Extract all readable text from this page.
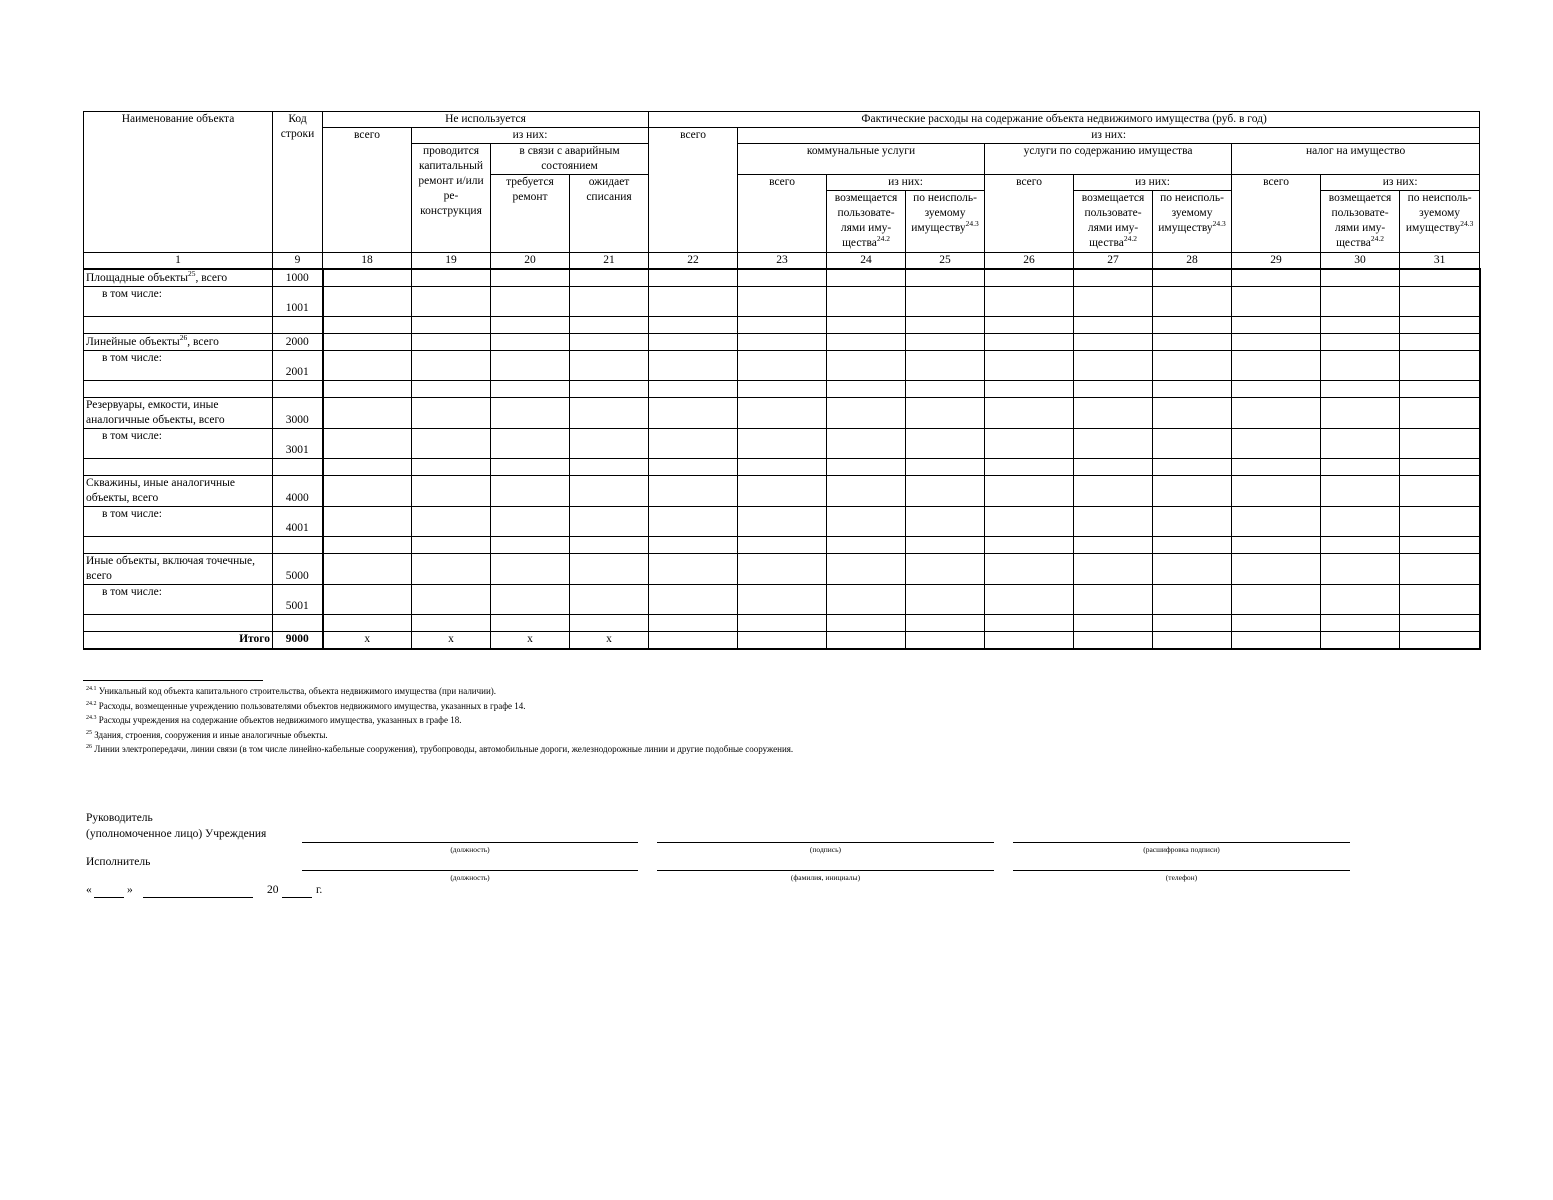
Наименование объекта	Код строки	Не используется				Фактические расходы на содержание объекта недвижимого имущества (руб. в год)									
		всего	из них:			всего	из них:								
			проводится капитальный ремонт и/или ре-конструкция	в связи с аварийным состоянием			коммунальные услуги			услуги по содержанию имущества			налог на имущество		

				требуется ремонт	ожидает списания		всего	из них:		всего	из них:		всего	из них:	
								возмещается пользовате-лями иму-щества$^{24.2}$	по неисполь-зуемому имуществу$^{24.3}$		возмещается пользовате-лями иму-щества$^{24.2}$	по неисполь-зуемому имуществу$^{24.3}$		возмещается пользовате-лями иму-щества$^{24.2}$	по неисполь-зуемому имуществу$^{24.3}$

1	9	18	19	20	21	22	23	24	25	26	27	28	29	30	31
Площадные объекты$^{25}$, всего	1000														
в том числе:	1001														

Линейные объекты$^{26}$, всего	2000														
в том числе:	2001														

Резервуары, емкости, иные аналогичные объекты, всего	3000														
в том числе:	3001														

Скважины, иные аналогичные объекты, всего	4000														
в том числе:	4001														

Иные объекты, включая точечные, всего	5000														
в том числе:	5001														

Итого	9000	x	x	x	x										
$^{24.1}$ Уникальный код объекта капитального строительства, объекта недвижимого имущества (при наличии).
$^{24.2}$ Расходы, возмещенные учреждению пользователями объектов недвижимого имущества, указанных в графе 14.
$^{24.3}$ Расходы учреждения на содержание объектов недвижимого имущества, указанных в графе 18.
$^{25}$ Здания, строения, сооружения и иные аналогичные объекты.
$^{26}$ Линии электропередачи, линии связи (в том числе линейно-кабельные сооружения), трубопроводы, автомобильные дороги, железнодорожные линии и другие подобные сооружения.
Руководитель
(уполномоченное лицо) Учреждения
(должность)	(подпись)	(расшифровка подписи)
Исполнитель
(должность)	(фамилия, инициалы)	(телефон)
«	»	20	г.
